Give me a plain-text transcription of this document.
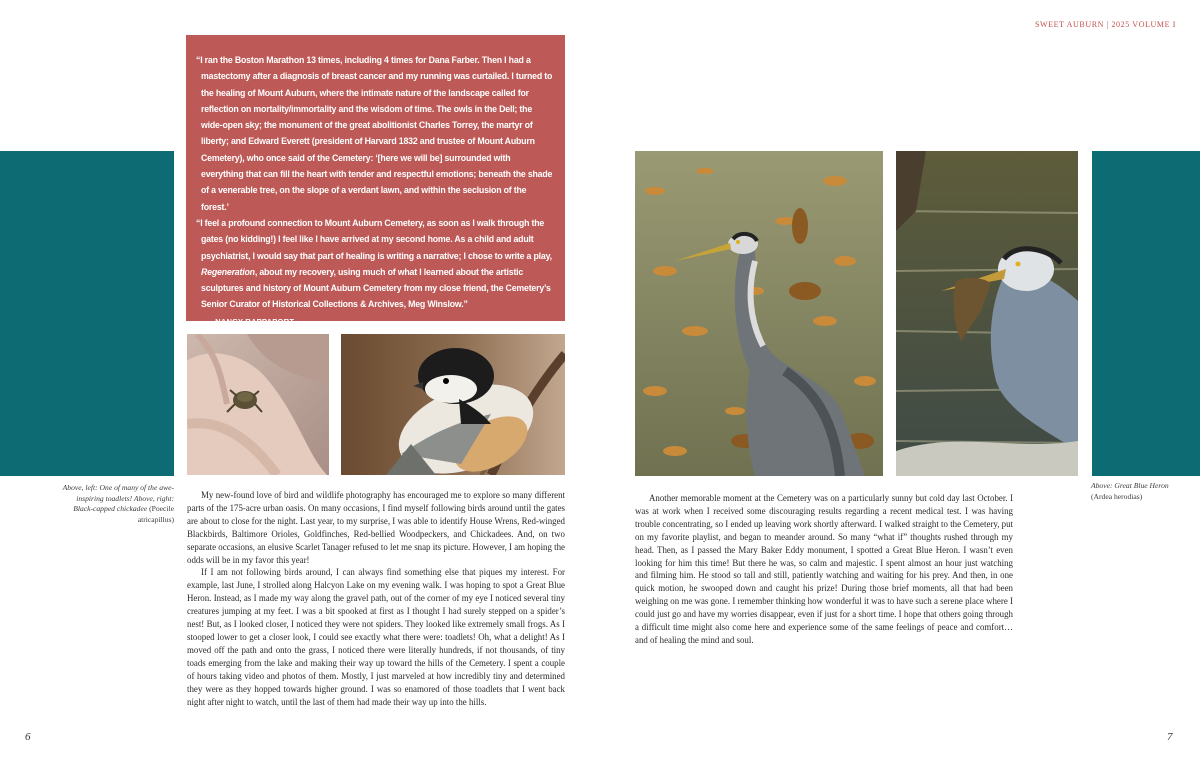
SWEET AUBURN | 2025 VOLUME I

“I ran the Boston Marathon 13 times, including 4 times for Dana Farber. Then I had a mastectomy after a diagnosis of breast cancer and my running was curtailed. I turned to the healing of Mount Auburn, where the intimate nature of the landscape called for reflection on mortality/immortality and the wisdom of time. The owls in the Dell; the wide-open sky; the monument of the great abolitionist Charles Torrey, the martyr of liberty; and Edward Everett (president of Harvard 1832 and trustee of Mount Auburn Cemetery), who once said of the Cemetery: ‘[here we will be] surrounded with everything that can fill the heart with tender and respectful emotions; beneath the shade of a venerable tree, on the slope of a verdant lawn, and within the seclusion of the forest.’

“I feel a profound connection to Mount Auburn Cemetery, as soon as I walk through the gates (no kidding!) I feel like I have arrived at my second home. As a child and adult psychiatrist, I would say that part of healing is writing a narrative; I chose to write a play, Regeneration, about my recovery, using much of what I learned about the artistic sculptures and history of Mount Auburn Cemetery from my close friend, the Cemetery’s Senior Curator of Historical Collections & Archives, Meg Winslow.”

— NANCY RAPPAPORT
Above, left: One of many of the awe-inspiring toadlets! Above, right: Black-capped chickadee (Poecile atricapillus)
Above: Great Blue Heron
(Ardea herodias)

My new-found love of bird and wildlife photography has encouraged me to explore so many different parts of the 175-acre urban oasis. On many occasions, I find myself following birds around until the gates are about to close for the night. Last year, to my surprise, I was able to identify House Wrens, Red-winged Blackbirds, Baltimore Orioles, Goldfinches, Red-bellied Woodpeckers, and Chickadees. And, on two separate occasions, an elusive Scarlet Tanager refused to let me snap its picture. However, I am hoping the odds will be in my favor this year!

If I am not following birds around, I can always find something else that piques my interest. For example, last June, I strolled along Halcyon Lake on my evening walk. I was hoping to spot a Great Blue Heron. Instead, as I made my way along the gravel path, out of the corner of my eye I noticed several tiny creatures jumping at my feet. I was a bit spooked at first as I thought I had surely stepped on a spider’s nest! But, as I looked closer, I noticed they were not spiders. They looked like extremely small frogs. As I stooped lower to get a closer look, I could see exactly what there were: toadlets! Oh, what a delight! As I moved off the path and onto the grass, I noticed there were literally hundreds, if not thousands, of tiny toads emerging from the lake and making their way up toward the hills of the Cemetery. I spent a couple of hours taking video and photos of them. Mostly, I just marveled at how incredibly tiny and determined they were as they hopped towards higher ground. I was so enamored of those toadlets that I went back night after night to watch, until the last of them had made their way up into the hills.

Another memorable moment at the Cemetery was on a particularly sunny but cold day last October. I was at work when I received some discouraging results regarding a recent medical test. I was having trouble concentrating, so I ended up leaving work shortly afterward. I walked straight to the Cemetery, put on my favorite playlist, and began to meander around. So many “what if” thoughts rushed through my head. Then, as I passed the Mary Baker Eddy monument, I spotted a Great Blue Heron. I wasn’t even looking for him this time! But there he was, so calm and majestic. I spent almost an hour just watching and filming him. He stood so tall and still, patiently watching and waiting for his prey. And then, in one quick motion, he swooped down and caught his prize! During those brief moments, all that had been weighing on me was gone. I remember thinking how wonderful it was to have such a serene place where I could just go and have my worries disappear, even if just for a short time. I hope that others going through a difficult time might also come here and experience some of the same feelings of peace and comfort…and of healing the mind and soul.

6	7
